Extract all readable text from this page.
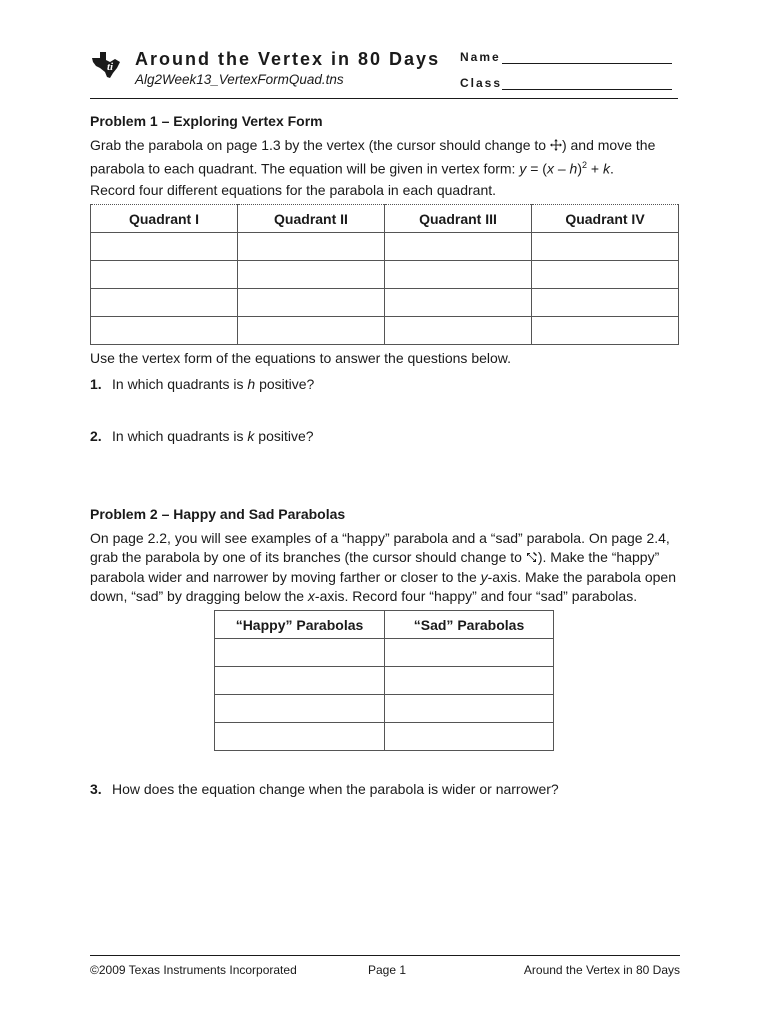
ti Around the Vertex in 80 Days
Alg2Week13_VertexFormQuad.tns
Name
Class
Problem 1 – Exploring Vertex Form
Grab the parabola on page 1.3 by the vertex (the cursor should change to ) and move the parabola to each quadrant. The equation will be given in vertex form: y = (x – h)$^2$ + k.
Record four different equations for the parabola in each quadrant.
Quadrant I	Quadrant II	Quadrant III	Quadrant IV

Use the vertex form of the equations to answer the questions below.
1. In which quadrants is h positive?
2. In which quadrants is k positive?
Problem 2 – Happy and Sad Parabolas
On page 2.2, you will see examples of a “happy” parabola and a “sad” parabola. On page 2.4, grab the parabola by one of its branches (the cursor should change to ). Make the “happy” parabola wider and narrower by moving farther or closer to the y-axis. Make the parabola open down, “sad” by dragging below the x-axis. Record four “happy” and four “sad” parabolas.
“Happy” Parabolas	“Sad” Parabolas

3. How does the equation change when the parabola is wider or narrower?
©2009 Texas Instruments Incorporated	Page 1	Around the Vertex in 80 Days
